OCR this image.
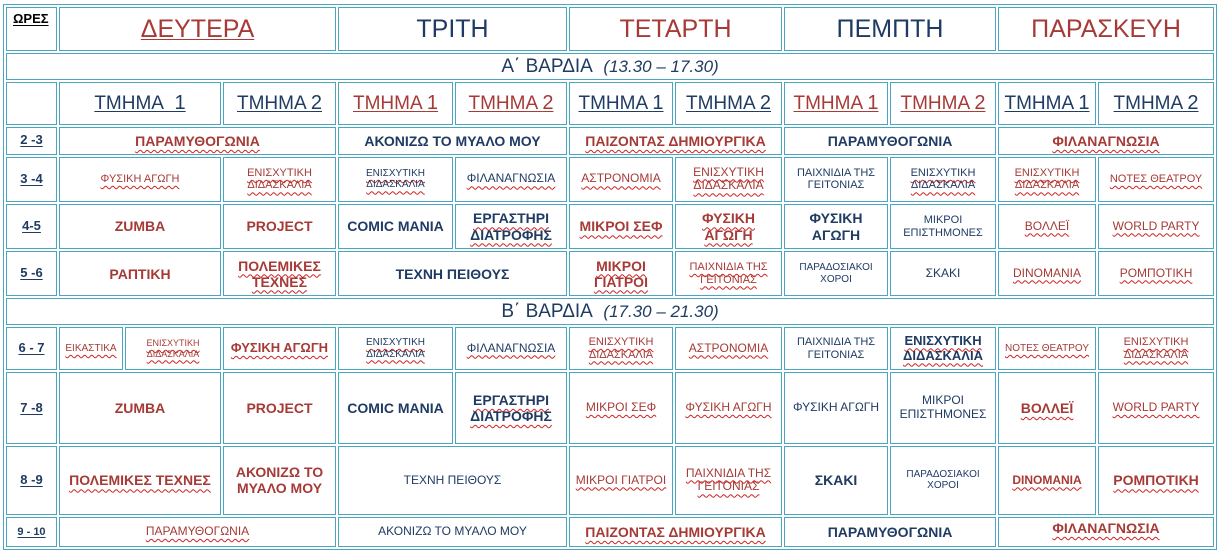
ΩΡΕΣ	ΔΕΥΤΕΡΑ			ΤΡΙΤΗ		ΤΕΤΑΡΤΗ		ΠΕΜΠΤΗ		ΠΑΡΑΣΚΕΥΗ	
Α΄ ΒΑΡΔΙΑ (13.30 – 17.30)											
	ΤΜΗΜΑ 1		ΤΜΗΜΑ 2	ΤΜΗΜΑ 1	ΤΜΗΜΑ 2	ΤΜΗΜΑ 1	ΤΜΗΜΑ 2	ΤΜΗΜΑ 1	ΤΜΗΜΑ 2	ΤΜΗΜΑ 1	ΤΜΗΜΑ 2
2 -3	ΠΑΡΑΜΥΘΟΓΩΝΙΑ			ΑΚΟΝΙΖΩ ΤΟ ΜΥΑΛΟ ΜΟΥ		ΠΑΙΖΟΝΤΑΣ ΔΗΜΙΟΥΡΓΙΚΑ		ΠΑΡΑΜΥΘΟΓΩΝΙΑ		ΦΙΛΑΝΑΓΝΩΣΙΑ	
3 -4	ΦΥΣΙΚΗ ΑΓΩΓΗ		ΕΝΙΣΧΥΤΙΚΗ ΔΙΔΑΣΚΑΛΙΑ	ΕΝΙΣΧΥΤΙΚΗ ΔΙΔΑΣΚΑΛΙΑ	ΦΙΛΑΝΑΓΝΩΣΙΑ	ΑΣΤΡΟΝΟΜΙΑ	ΕΝΙΣΧΥΤΙΚΗ ΔΙΔΑΣΚΑΛΙΑ	ΠΑΙΧΝΙΔΙΑ ΤΗΣ ΓΕΙΤΟΝΙΑΣ	ΕΝΙΣΧΥΤΙΚΗ ΔΙΔΑΣΚΑΛΙΑ	ΕΝΙΣΧΥΤΙΚΗ ΔΙΔΑΣΚΑΛΙΑ	ΝΟΤΕΣ ΘΕΑΤΡΟΥ
4-5	ZUMBA		PROJECT	COMIC ΜΑΝΙΑ	ΕΡΓΑΣΤΗΡΙ ΔΙΑΤΡΟΦΗΣ	ΜΙΚΡΟΙ ΣΕΦ	ΦΥΣΙΚΗ ΑΓΩΓΗ	ΦΥΣΙΚΗ ΑΓΩΓΗ	ΜΙΚΡΟΙ ΕΠΙΣΤΗΜΟΝΕΣ	ΒΟΛΛΕΪ	WORLD PARTY
5 -6	ΡΑΠΤΙΚΗ		ΠΟΛΕΜΙΚΕΣ ΤΕΧΝΕΣ	ΤΕΧΝΗ ΠΕΙΘΟΥΣ		ΜΙΚΡΟΙ ΓΙΑΤΡΟΙ	ΠΑΙΧΝΙΔΙΑ ΤΗΣ ΓΕΙΤΟΝΙΑΣ	ΠΑΡΑΔΟΣΙΑΚΟΙ ΧΟΡΟΙ	ΣΚΑΚΙ	DINOMANIA	ΡΟΜΠΟΤΙΚΗ
Β΄ ΒΑΡΔΙΑ (17.30 – 21.30)											
6 - 7	ΕΙΚΑΣΤΙΚΑ	ΕΝΙΣΧΥΤΙΚΗ ΔΙΔΑΣΚΑΛΙΑ	ΦΥΣΙΚΗ ΑΓΩΓΗ	ΕΝΙΣΧΥΤΙΚΗ ΔΙΔΑΣΚΑΛΙΑ	ΦΙΛΑΝΑΓΝΩΣΙΑ	ΕΝΙΣΧΥΤΙΚΗ ΔΙΔΑΣΚΑΛΙΑ	ΑΣΤΡΟΝΟΜΙΑ	ΠΑΙΧΝΙΔΙΑ ΤΗΣ ΓΕΙΤΟΝΙΑΣ	ΕΝΙΣΧΥΤΙΚΗ ΔΙΔΑΣΚΑΛΙΑ	ΝΟΤΕΣ ΘΕΑΤΡΟΥ	ΕΝΙΣΧΥΤΙΚΗ ΔΙΔΑΣΚΑΛΙΑ
7 -8	ZUMBA		PROJECT	COMIC ΜΑΝΙΑ	ΕΡΓΑΣΤΗΡΙ ΔΙΑΤΡΟΦΗΣ	ΜΙΚΡΟΙ ΣΕΦ	ΦΥΣΙΚΗ ΑΓΩΓΗ	ΦΥΣΙΚΗ ΑΓΩΓΗ	ΜΙΚΡΟΙ ΕΠΙΣΤΗΜΟΝΕΣ	ΒΟΛΛΕΪ	WORLD PARTY
8 -9	ΠΟΛΕΜΙΚΕΣ ΤΕΧΝΕΣ		ΑΚΟΝΙΖΩ ΤΟ ΜΥΑΛΟ ΜΟΥ	ΤΕΧΝΗ ΠΕΙΘΟΥΣ		ΜΙΚΡΟΙ ΓΙΑΤΡΟΙ	ΠΑΙΧΝΙΔΙΑ ΤΗΣ ΓΕΙΤΟΝΙΑΣ	ΣΚΑΚΙ	ΠΑΡΑΔΟΣΙΑΚΟΙ ΧΟΡΟΙ	DINOMANIA	ΡΟΜΠΟΤΙΚΗ
9 - 10	ΠΑΡΑΜΥΘΟΓΩΝΙΑ			ΑΚΟΝΙΖΩ ΤΟ ΜΥΑΛΟ ΜΟΥ		ΠΑΙΖΟΝΤΑΣ ΔΗΜΙΟΥΡΓΙΚΑ		ΠΑΡΑΜΥΘΟΓΩΝΙΑ		ΦΙΛΑΝΑΓΝΩΣΙΑ	
